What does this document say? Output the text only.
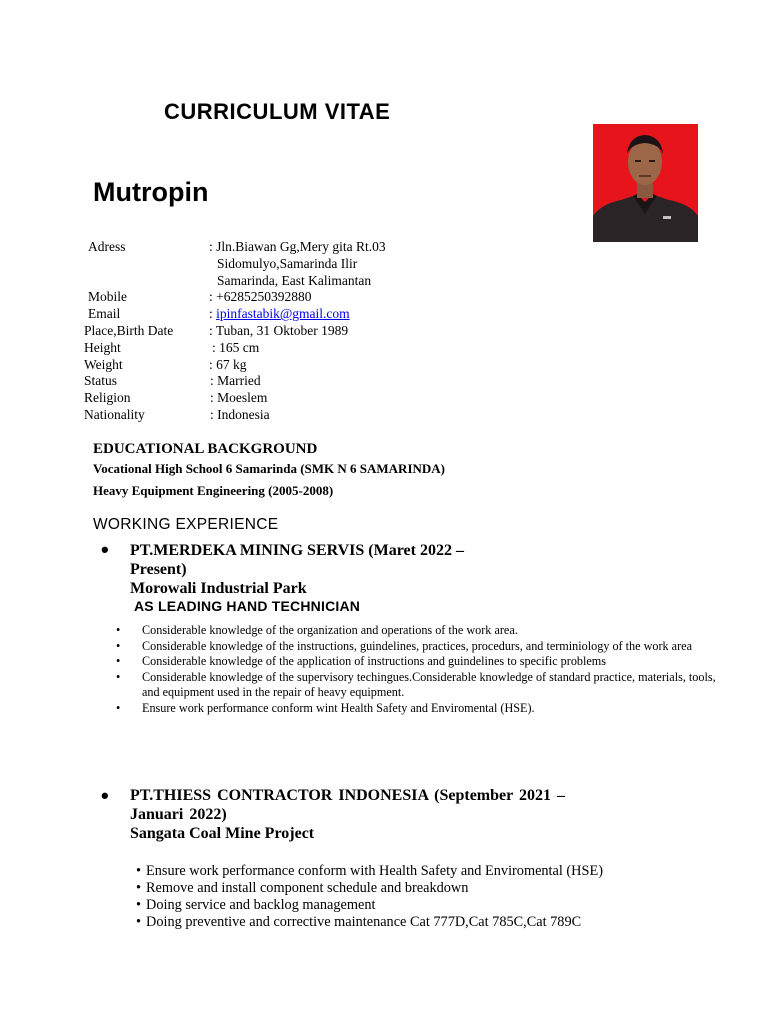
CURRICULUM VITAE
Mutropin
Adress	: Jln.Biawan Gg,Mery gita Rt.03
Sidomulyo,Samarinda Ilir
Samarinda, East Kalimantan
Mobile	: +6285250392880
Email	: ipinfastabik@gmail.com
Place,Birth Date	: Tuban, 31 Oktober 1989
Height	: 165 cm
Weight	: 67 kg
Status	: Married
Religion	: Moeslem
Nationality	: Indonesia
EDUCATIONAL BACKGROUND
Vocational High School 6 Samarinda (SMK N 6 SAMARINDA)
Heavy Equipment Engineering (2005-2008)
WORKING EXPERIENCE
• PT.MERDEKA MINING SERVIS (Maret 2022 –
Present)
Morowali Industrial Park
AS LEADING HAND TECHNICIAN
• Considerable knowledge of the organization and operations of the work area.
• Considerable knowledge of the instructions, guindelines, practices, procedurs, and terminiology of the work area
• Considerable knowledge of the application of instructions and guindelines to specific problems
• Considerable knowledge of the supervisory techingues.Considerable knowledge of standard practice, materials, tools, and equipment used in the repair of heavy equipment.
• Ensure work performance conform wint Health Safety and Enviromental (HSE).
• PT.THIESS CONTRACTOR INDONESIA (September 2021 –
Januari 2022)
Sangata Coal Mine Project
• Ensure work performance conform with Health Safety and Enviromental (HSE)
• Remove and install component schedule and breakdown
• Doing service and backlog management
• Doing preventive and corrective maintenance Cat 777D,Cat 785C,Cat 789C
